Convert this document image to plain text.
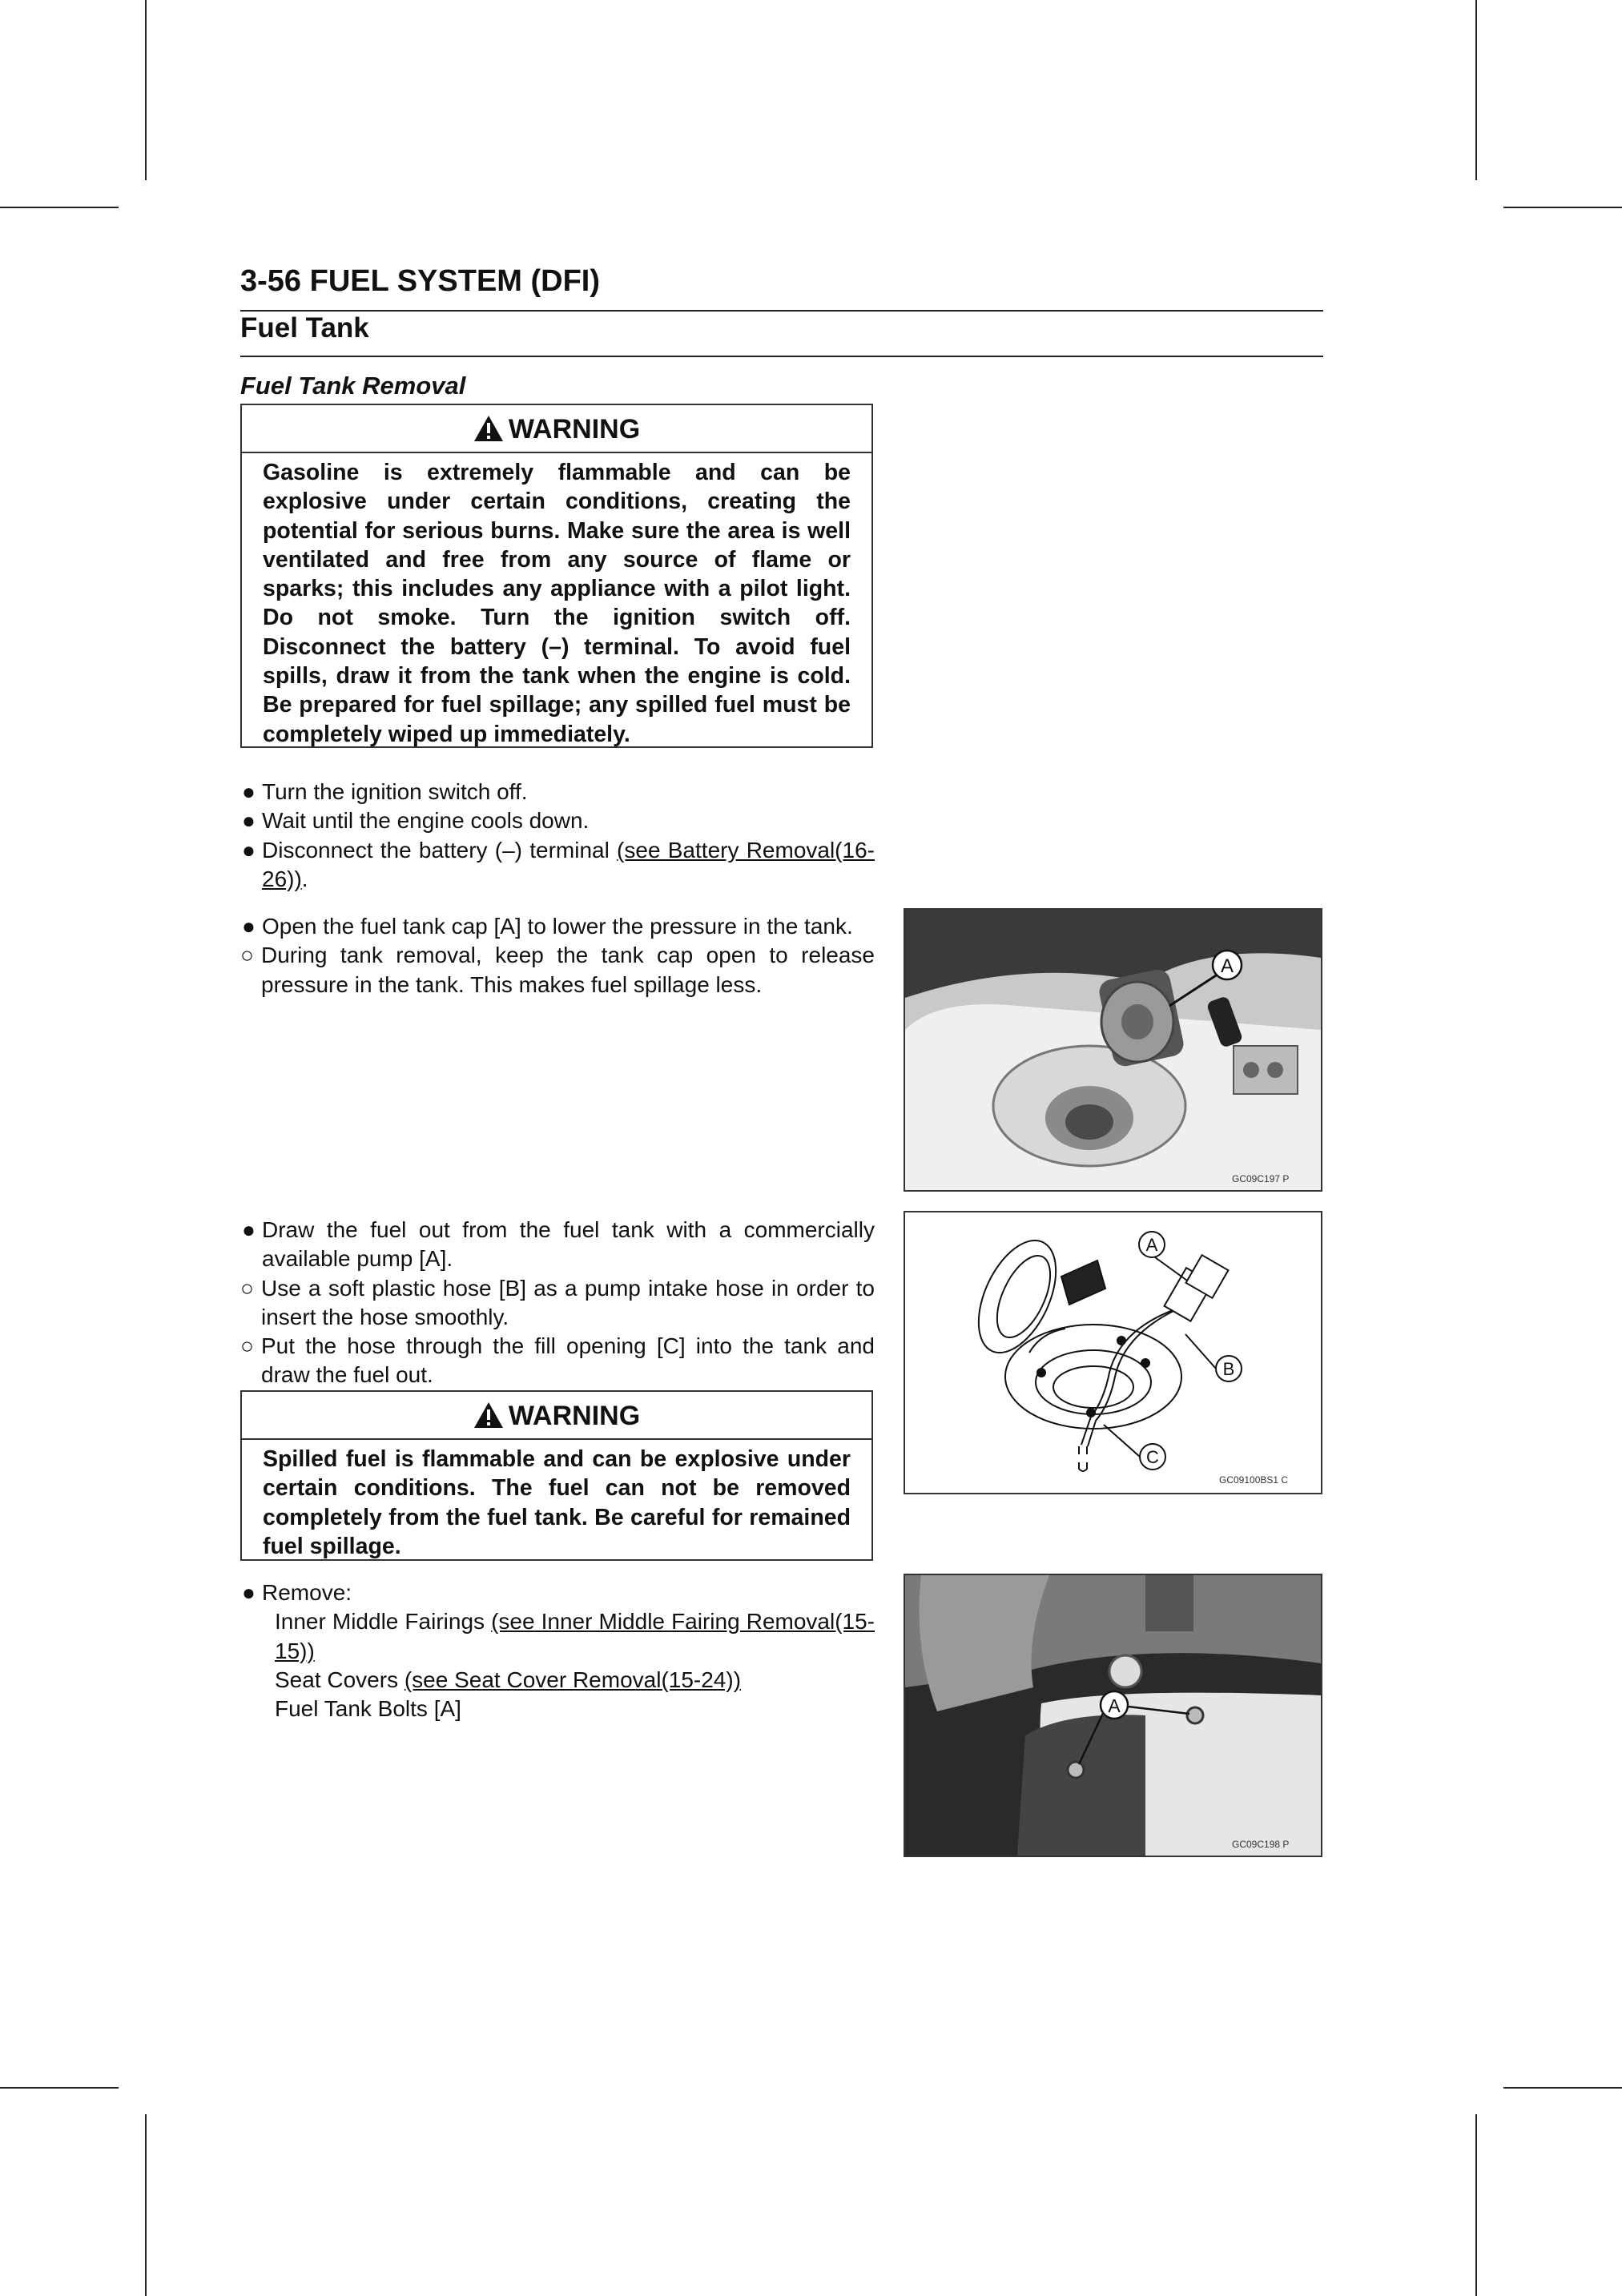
3-56 FUEL SYSTEM (DFI)
Fuel Tank
Fuel Tank Removal
WARNING
Gasoline is extremely flammable and can be explosive under certain conditions, creating the potential for serious burns. Make sure the area is well ventilated and free from any source of flame or sparks; this includes any appliance with a pilot light. Do not smoke. Turn the ignition switch off. Disconnect the battery (–) terminal. To avoid fuel spills, draw it from the tank when the engine is cold. Be prepared for fuel spillage; any spilled fuel must be completely wiped up immediately.
● Turn the ignition switch off.
● Wait until the engine cools down.
● Disconnect the battery (–) terminal (see Battery Removal(16-26)).
● Open the fuel tank cap [A] to lower the pressure in the tank.
○ During tank removal, keep the tank cap open to release pressure in the tank. This makes fuel spillage less.
A
GC09C197 P
● Draw the fuel out from the fuel tank with a commercially available pump [A].
○ Use a soft plastic hose [B] as a pump intake hose in order to insert the hose smoothly.
○ Put the hose through the fill opening [C] into the tank and draw the fuel out.
A
B
C
GC09100BS1 C
WARNING
Spilled fuel is flammable and can be explosive under certain conditions. The fuel can not be removed completely from the fuel tank. Be careful for remained fuel spillage.
● Remove:
Inner Middle Fairings (see Inner Middle Fairing Removal(15-15))
Seat Covers (see Seat Cover Removal(15-24))
Fuel Tank Bolts [A]	A
GC09C198 P
